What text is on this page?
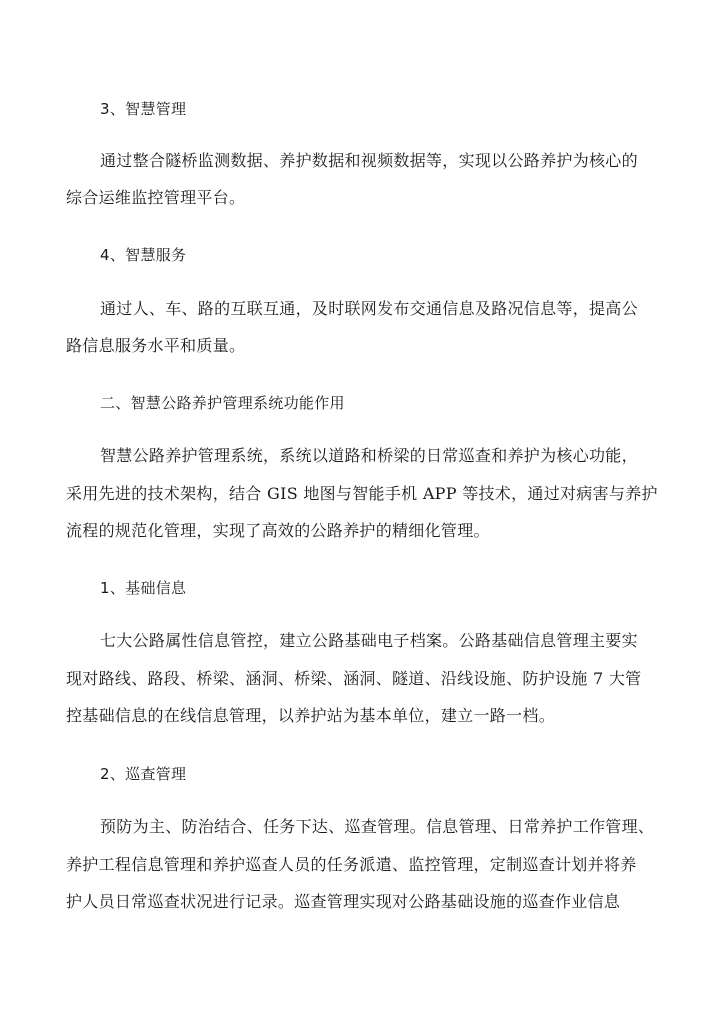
3、智慧管理
通过整合隧桥监测数据、养护数据和视频数据等，实现以公路养护为核心的
综合运维监控管理平台。
4、智慧服务
通过人、车、路的互联互通，及时联网发布交通信息及路况信息等，提高公
路信息服务水平和质量。
二、智慧公路养护管理系统功能作用
智慧公路养护管理系统，系统以道路和桥梁的日常巡查和养护为核心功能，
采用先进的技术架构，结合 GIS 地图与智能手机 APP 等技术，通过对病害与养护
流程的规范化管理，实现了高效的公路养护的精细化管理。
1、基础信息
七大公路属性信息管控，建立公路基础电子档案。公路基础信息管理主要实
现对路线、路段、桥梁、涵洞、桥梁、涵洞、隧道、沿线设施、防护设施 7 大管
控基础信息的在线信息管理，以养护站为基本单位，建立一路一档。
2、巡查管理
预防为主、防治结合、任务下达、巡查管理。信息管理、日常养护工作管理、
养护工程信息管理和养护巡查人员的任务派遣、监控管理，定制巡查计划并将养
护人员日常巡查状况进行记录。巡查管理实现对公路基础设施的巡查作业信息
